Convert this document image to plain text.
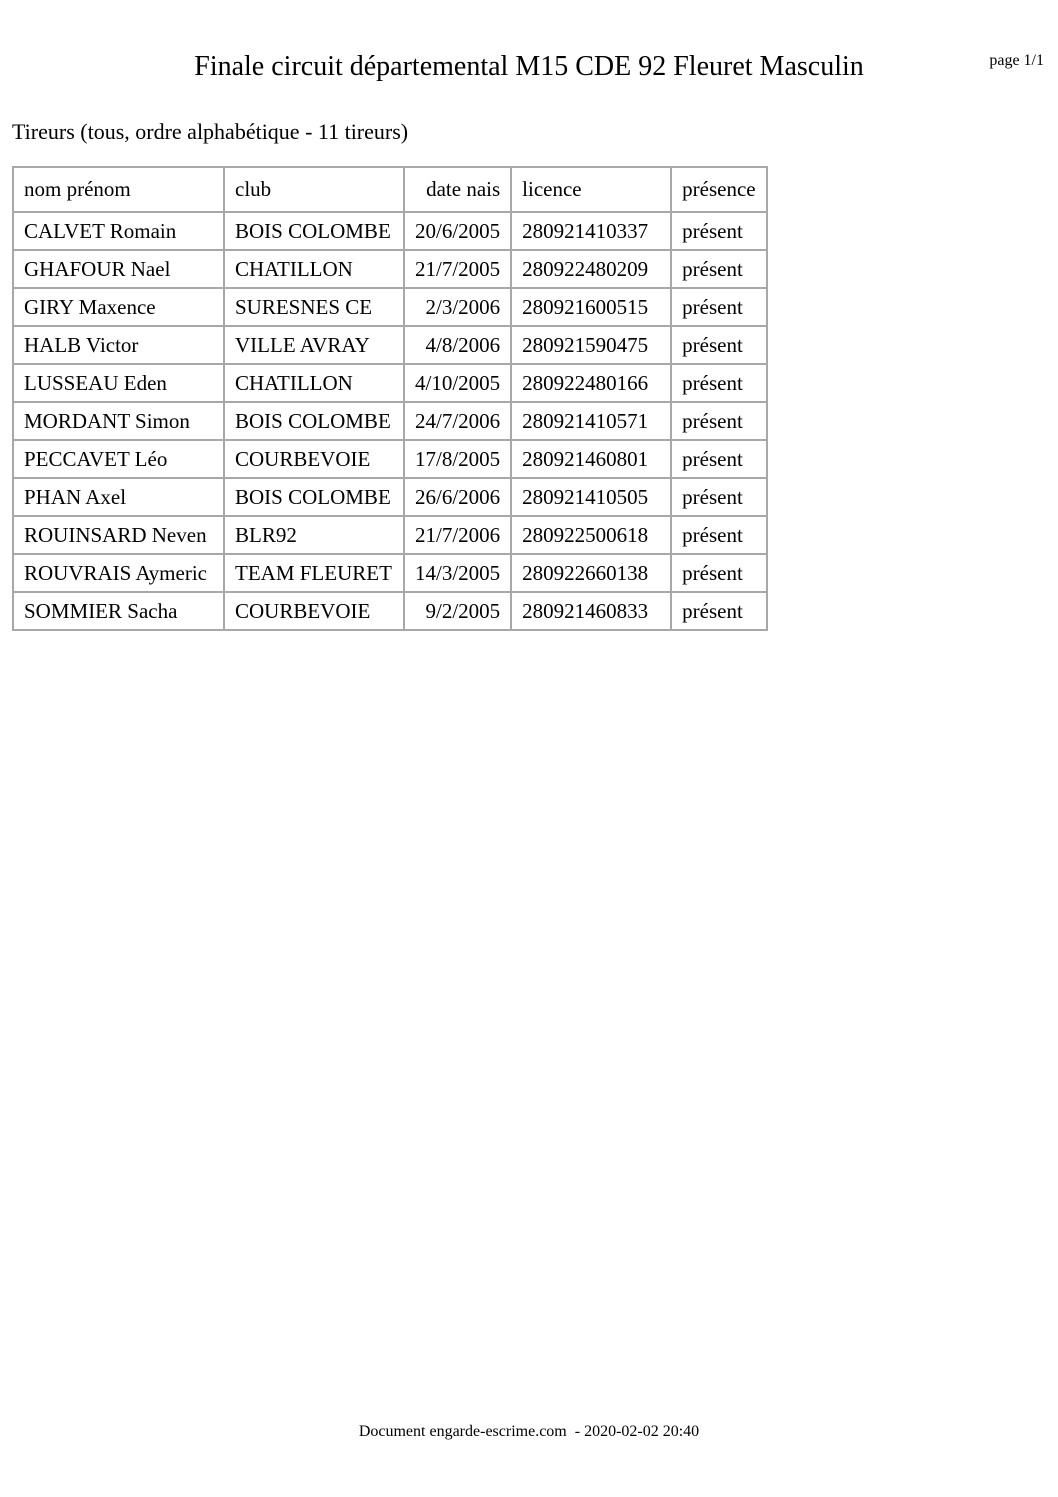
Finale circuit départemental M15 CDE 92 Fleuret Masculin	page 1/1
Tireurs (tous, ordre alphabétique - 11 tireurs)
nom prénom	club	date nais	licence	présence
CALVET Romain	BOIS COLOMBE	20/6/2005	280921410337	présent
GHAFOUR Nael	CHATILLON	21/7/2005	280922480209	présent
GIRY Maxence	SURESNES CE	2/3/2006	280921600515	présent
HALB Victor	VILLE AVRAY	4/8/2006	280921590475	présent
LUSSEAU Eden	CHATILLON	4/10/2005	280922480166	présent
MORDANT Simon	BOIS COLOMBE	24/7/2006	280921410571	présent
PECCAVET Léo	COURBEVOIE	17/8/2005	280921460801	présent
PHAN Axel	BOIS COLOMBE	26/6/2006	280921410505	présent
ROUINSARD Neven	BLR92	21/7/2006	280922500618	présent
ROUVRAIS Aymeric	TEAM FLEURET	14/3/2005	280922660138	présent
SOMMIER Sacha	COURBEVOIE	9/2/2005	280921460833	présent
Document engarde-escrime.com  - 2020-02-02 20:40
